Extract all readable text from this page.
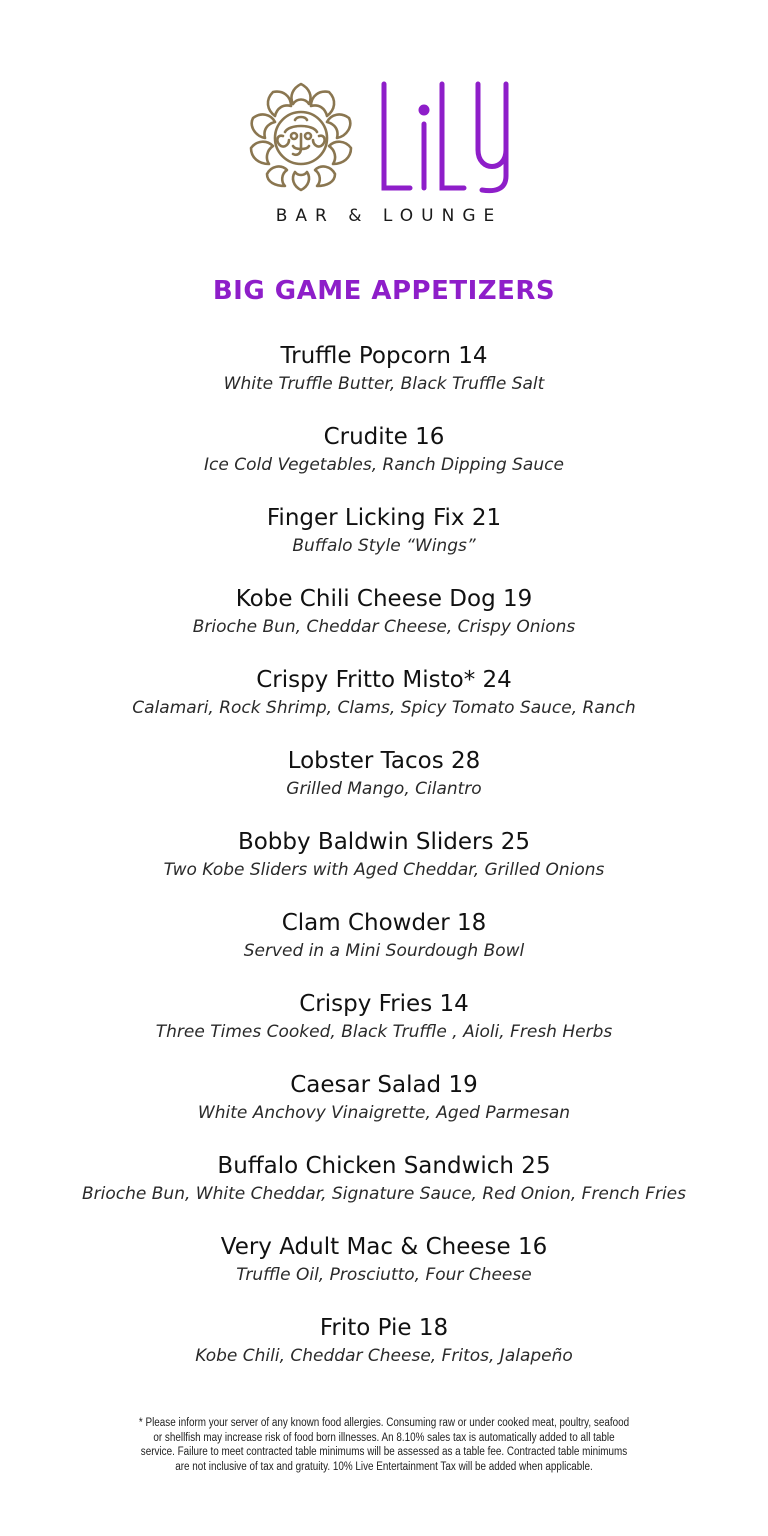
BAR & LOUNGE
BIG GAME APPETIZERS
Truffle Popcorn 14
White Truffle Butter, Black Truffle Salt
Crudite 16
Ice Cold Vegetables, Ranch Dipping Sauce
Finger Licking Fix 21
Buffalo Style “Wings”
Kobe Chili Cheese Dog 19
Brioche Bun, Cheddar Cheese, Crispy Onions
Crispy Fritto Misto* 24
Calamari, Rock Shrimp, Clams, Spicy Tomato Sauce, Ranch
Lobster Tacos 28
Grilled Mango, Cilantro
Bobby Baldwin Sliders 25
Two Kobe Sliders with Aged Cheddar, Grilled Onions
Clam Chowder 18
Served in a Mini Sourdough Bowl
Crispy Fries 14
Three Times Cooked, Black Truffle , Aioli, Fresh Herbs
Caesar Salad 19
White Anchovy Vinaigrette, Aged Parmesan
Buffalo Chicken Sandwich 25
Brioche Bun, White Cheddar, Signature Sauce, Red Onion, French Fries
Very Adult Mac & Cheese 16
Truffle Oil, Prosciutto, Four Cheese
Frito Pie 18
Kobe Chili, Cheddar Cheese, Fritos, Jalapeño
* Please inform your server of any known food allergies. Consuming raw or under cooked meat, poultry, seafood
or shellfish may increase risk of food born illnesses. An 8.10% sales tax is automatically added to all table
service. Failure to meet contracted table minimums will be assessed as a table fee. Contracted table minimums
are not inclusive of tax and gratuity. 10% Live Entertainment Tax will be added when applicable.
